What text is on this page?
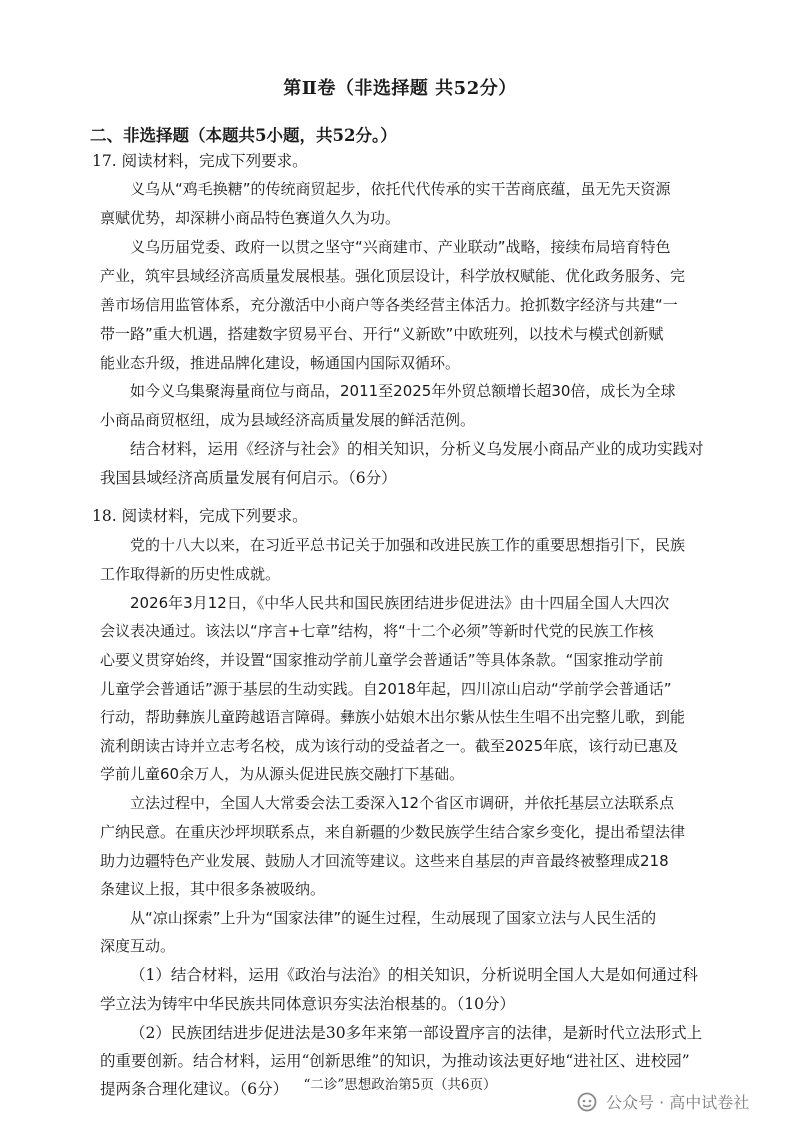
第Ⅱ卷（非选择题 共52分）
二、非选择题（本题共5小题，共52分。）
17. 阅读材料，完成下列要求。
义乌从“鸡毛换糖”的传统商贸起步，依托代代传承的实干苦商底蕴，虽无先天资源
禀赋优势，却深耕小商品特色赛道久久为功。
义乌历届党委、政府一以贯之坚守“兴商建市、产业联动”战略，接续布局培育特色
产业，筑牢县域经济高质量发展根基。强化顶层设计，科学放权赋能、优化政务服务、完
善市场信用监管体系，充分激活中小商户等各类经营主体活力。抢抓数字经济与共建“一
带一路”重大机遇，搭建数字贸易平台、开行“义新欧”中欧班列，以技术与模式创新赋
能业态升级，推进品牌化建设，畅通国内国际双循环。
如今义乌集聚海量商位与商品，2011至2025年外贸总额增长超30倍，成长为全球
小商品商贸枢纽，成为县域经济高质量发展的鲜活范例。
结合材料，运用《经济与社会》的相关知识，分析义乌发展小商品产业的成功实践对
我国县域经济高质量发展有何启示。（6分）
18. 阅读材料，完成下列要求。
党的十八大以来，在习近平总书记关于加强和改进民族工作的重要思想指引下，民族
工作取得新的历史性成就。
2026年3月12日，《中华人民共和国民族团结进步促进法》由十四届全国人大四次
会议表决通过。该法以“序言+七章”结构，将“十二个必须”等新时代党的民族工作核
心要义贯穿始终，并设置“国家推动学前儿童学会普通话”等具体条款。“国家推动学前
儿童学会普通话”源于基层的生动实践。自2018年起，四川凉山启动“学前学会普通话”
行动，帮助彝族儿童跨越语言障碍。彝族小姑娘木出尔紫从怯生生唱不出完整儿歌，到能
流利朗读古诗并立志考名校，成为该行动的受益者之一。截至2025年底，该行动已惠及
学前儿童60余万人，为从源头促进民族交融打下基础。
立法过程中，全国人大常委会法工委深入12个省区市调研，并依托基层立法联系点
广纳民意。在重庆沙坪坝联系点，来自新疆的少数民族学生结合家乡变化，提出希望法律
助力边疆特色产业发展、鼓励人才回流等建议。这些来自基层的声音最终被整理成218
条建议上报，其中很多条被吸纳。
从“凉山探索”上升为“国家法律”的诞生过程，生动展现了国家立法与人民生活的
深度互动。
（1）结合材料，运用《政治与法治》的相关知识，分析说明全国人大是如何通过科
学立法为铸牢中华民族共同体意识夯实法治根基的。（10分）
（2）民族团结进步促进法是30多年来第一部设置序言的法律，是新时代立法形式上
的重要创新。结合材料，运用“创新思维”的知识，为推动该法更好地“进社区、进校园”
提两条合理化建议。（6分）	“二诊”思想政治第5页（共6页）
公众号 · 高中试卷社
